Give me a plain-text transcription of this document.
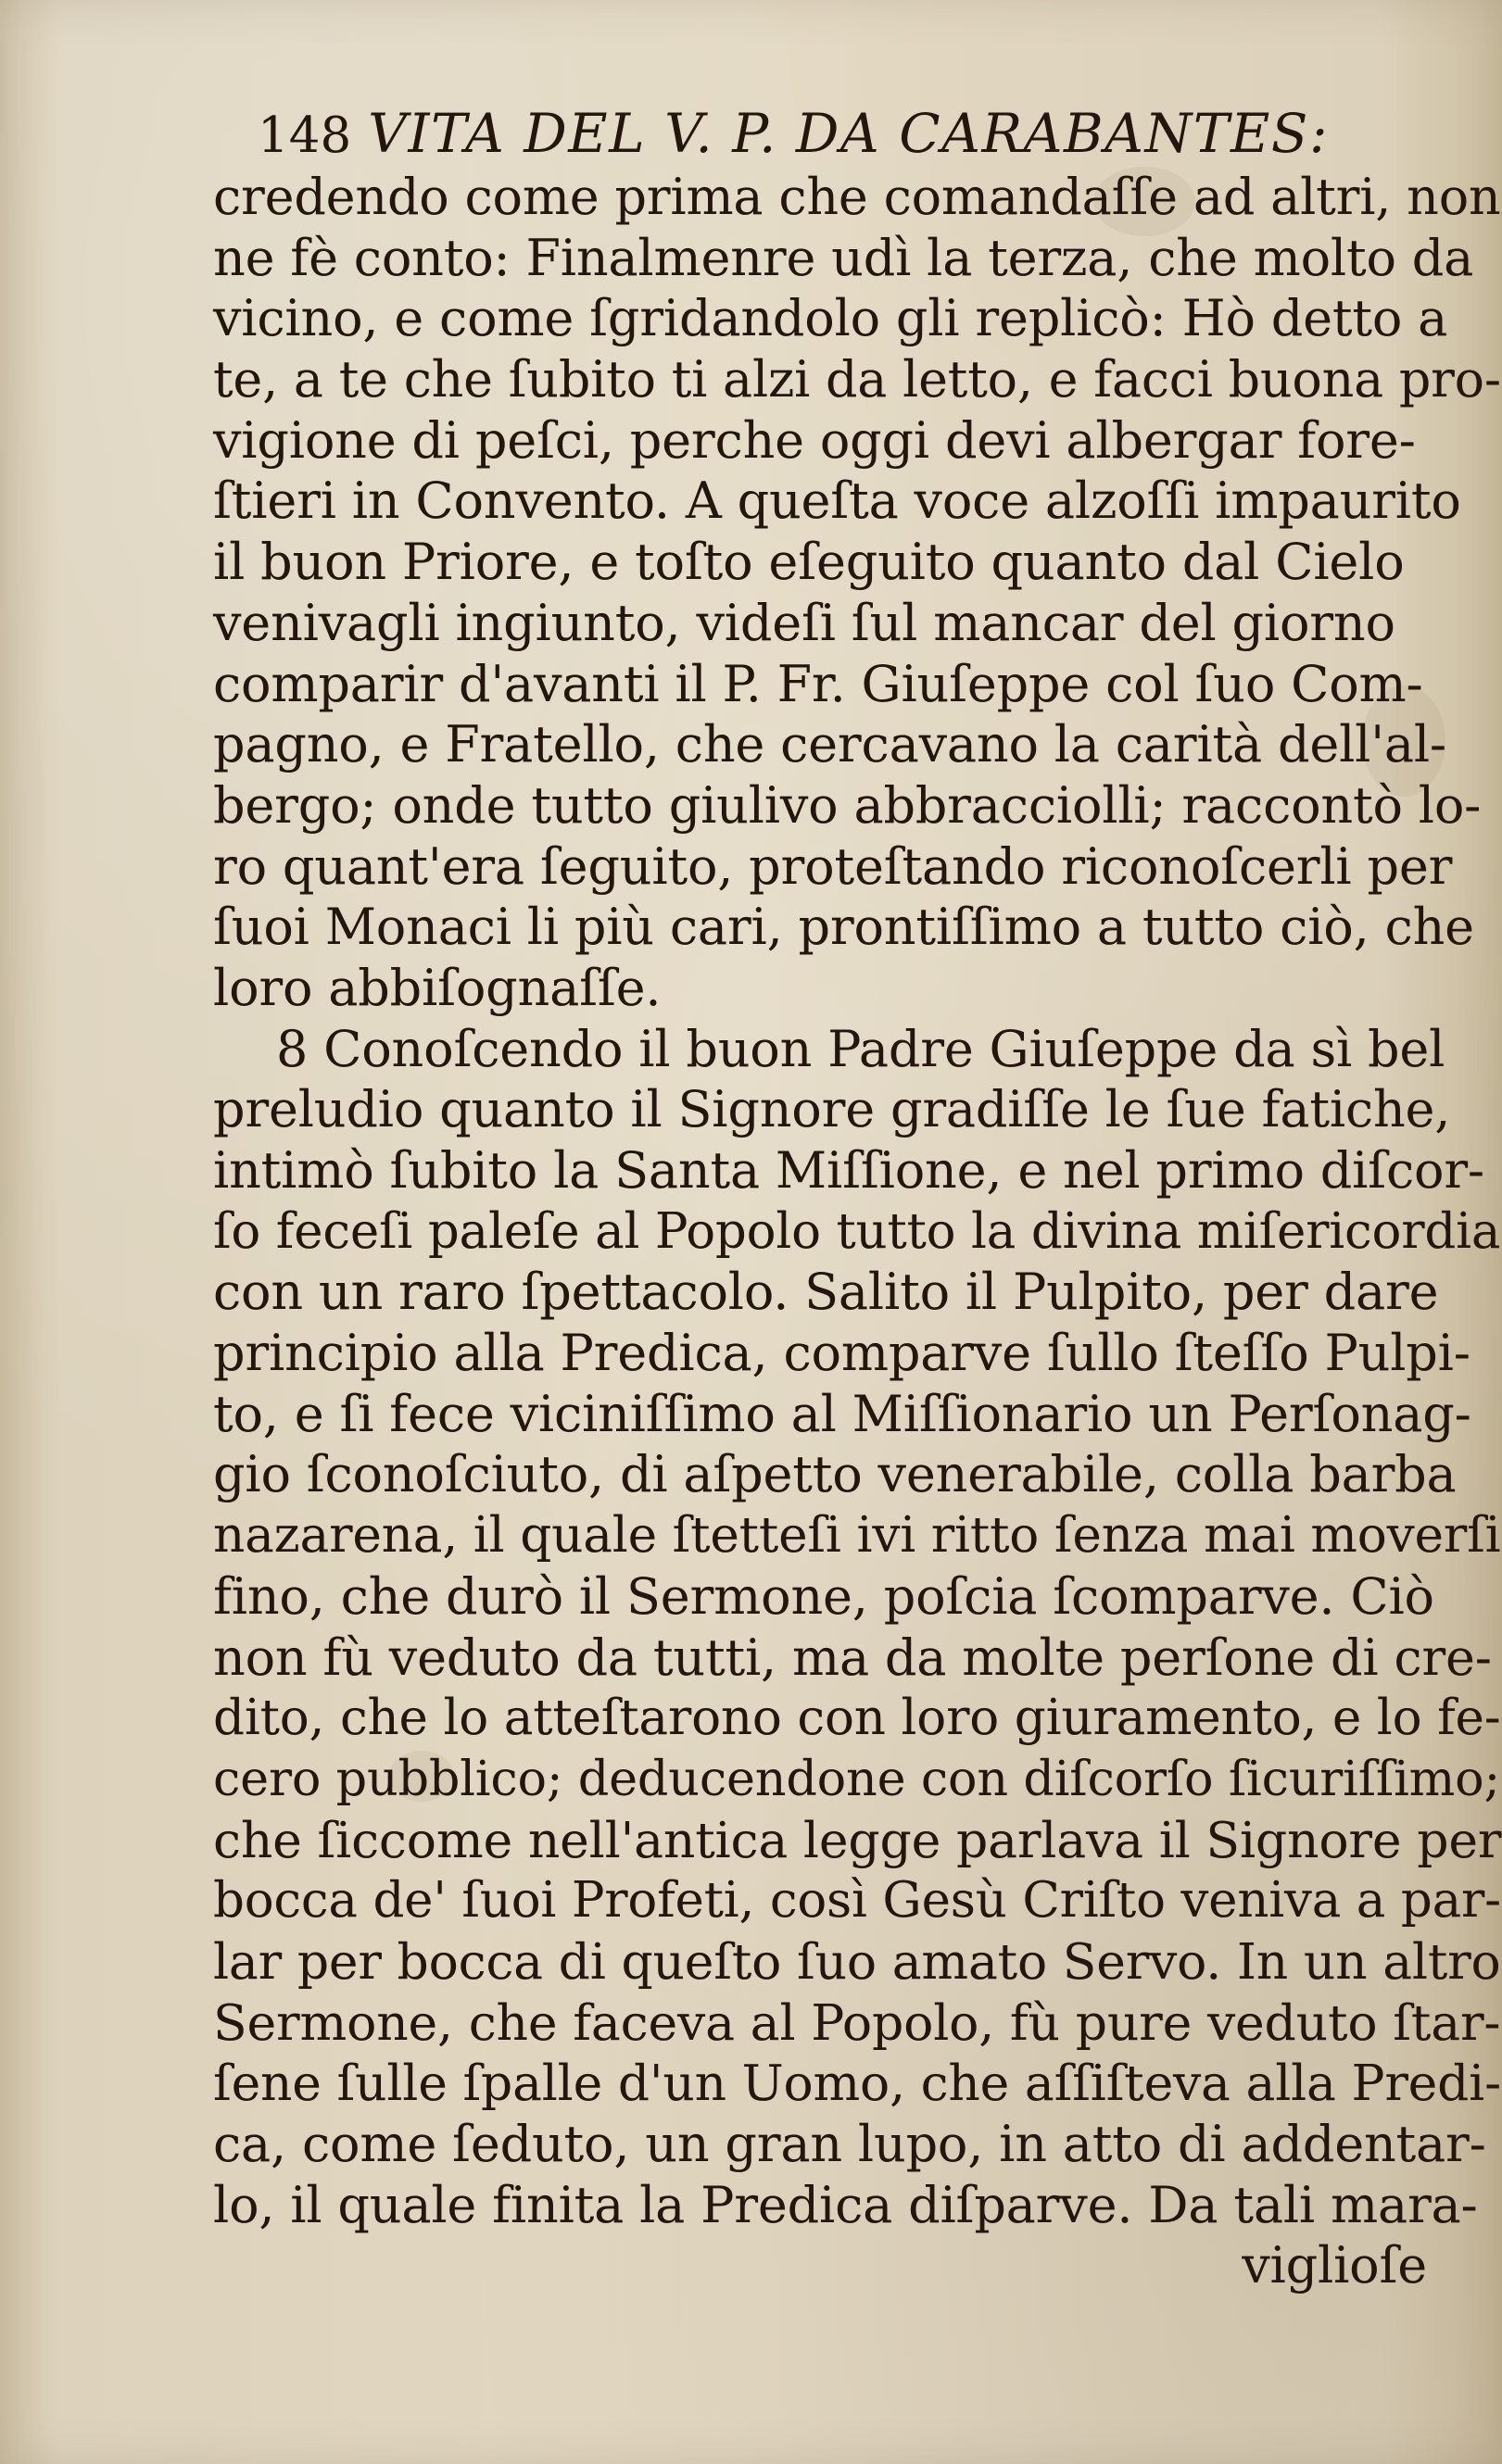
148 VITA DEL V. P. DA CARABANTES:
credendo come prima che comandaſſe ad altri, non
ne fè conto: Finalmenre udì la terza, che molto da
vicino, e come ſgridandolo gli replicò: Hò detto a
te, a te che ſubito ti alzi da letto, e facci buona pro-
vigione di peſci, perche oggi devi albergar fore-
ſtieri in Convento. A queſta voce alzoſſi impaurito
il buon Priore, e toſto eſeguito quanto dal Cielo
venivagli ingiunto, videſi ſul mancar del giorno
comparir d'avanti il P. Fr. Giuſeppe col ſuo Com-
pagno, e Fratello, che cercavano la carità dell'al-
bergo; onde tutto giulivo abbracciolli; raccontò lo-
ro quant'era ſeguito, proteſtando riconoſcerli per
ſuoi Monaci li più cari, prontiſſimo a tutto ciò, che
loro abbiſognaſſe.
8 Conoſcendo il buon Padre Giuſeppe da sì bel
preludio quanto il Signore gradiſſe le ſue fatiche,
intimò ſubito la Santa Miſſione, e nel primo diſcor-
ſo feceſi paleſe al Popolo tutto la divina miſericordia
con un raro ſpettacolo. Salito il Pulpito, per dare
principio alla Predica, comparve ſullo ſteſſo Pulpi-
to, e ſi fece viciniſſimo al Miſſionario un Perſonag-
gio ſconoſciuto, di aſpetto venerabile, colla barba
nazarena, il quale ſtetteſi ivi ritto ſenza mai moverſi
fino, che durò il Sermone, poſcia ſcomparve. Ciò
non fù veduto da tutti, ma da molte perſone di cre-
dito, che lo atteſtarono con loro giuramento, e lo fe-
cero pubblico; deducendone con diſcorſo ſicuriſſimo;
che ſiccome nell'antica legge parlava il Signore per
bocca de' ſuoi Profeti, così Gesù Criſto veniva a par-
lar per bocca di queſto ſuo amato Servo. In un altro
Sermone, che faceva al Popolo, fù pure veduto ſtar-
ſene ſulle ſpalle d'un Uomo, che aſſiſteva alla Predi-
ca, come ſeduto, un gran lupo, in atto di addentar-
lo, il quale finita la Predica diſparve. Da tali mara-
viglioſe
